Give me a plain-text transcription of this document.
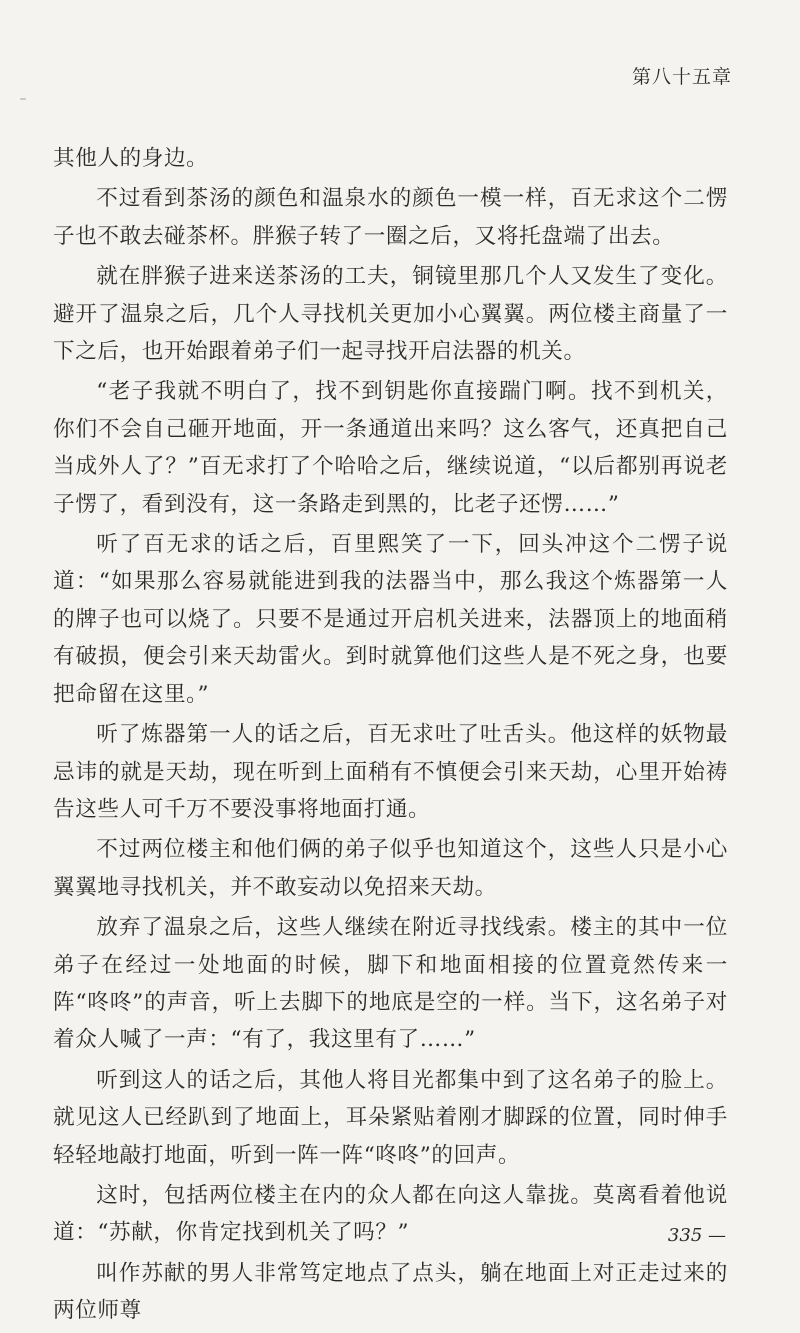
第八十五章

其他人的身边。

不过看到茶汤的颜色和温泉水的颜色一模一样，百无求这个二愣子也不敢去碰茶杯。胖猴子转了一圈之后，又将托盘端了出去。

就在胖猴子进来送茶汤的工夫，铜镜里那几个人又发生了变化。避开了温泉之后，几个人寻找机关更加小心翼翼。两位楼主商量了一下之后，也开始跟着弟子们一起寻找开启法器的机关。

“老子我就不明白了，找不到钥匙你直接踹门啊。找不到机关，你们不会自己砸开地面，开一条通道出来吗？这么客气，还真把自己当成外人了？”百无求打了个哈哈之后，继续说道，“以后都别再说老子愣了，看到没有，这一条路走到黑的，比老子还愣……”

听了百无求的话之后，百里熙笑了一下，回头冲这个二愣子说道：“如果那么容易就能进到我的法器当中，那么我这个炼器第一人的牌子也可以烧了。只要不是通过开启机关进来，法器顶上的地面稍有破损，便会引来天劫雷火。到时就算他们这些人是不死之身，也要把命留在这里。”

听了炼器第一人的话之后，百无求吐了吐舌头。他这样的妖物最忌讳的就是天劫，现在听到上面稍有不慎便会引来天劫，心里开始祷告这些人可千万不要没事将地面打通。

不过两位楼主和他们俩的弟子似乎也知道这个，这些人只是小心翼翼地寻找机关，并不敢妄动以免招来天劫。

放弃了温泉之后，这些人继续在附近寻找线索。楼主的其中一位弟子在经过一处地面的时候，脚下和地面相接的位置竟然传来一阵“咚咚”的声音，听上去脚下的地底是空的一样。当下，这名弟子对着众人喊了一声：“有了，我这里有了……”

听到这人的话之后，其他人将目光都集中到了这名弟子的脸上。就见这人已经趴到了地面上，耳朵紧贴着刚才脚踩的位置，同时伸手轻轻地敲打地面，听到一阵一阵“咚咚”的回声。

这时，包括两位楼主在内的众人都在向这人靠拢。莫离看着他说道：“苏献，你肯定找到机关了吗？”

叫作苏献的男人非常笃定地点了点头，躺在地面上对正走过来的两位师尊

335 —
